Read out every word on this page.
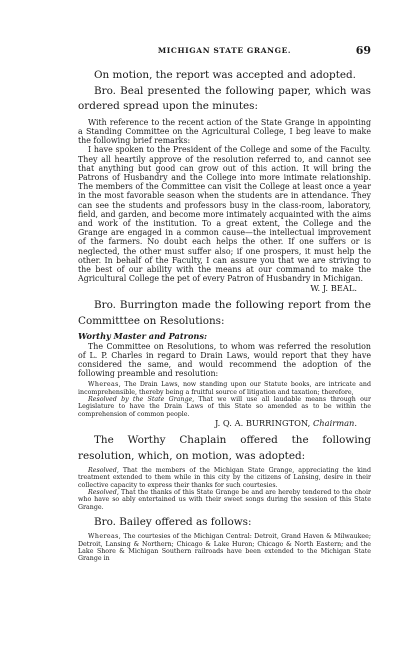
MICHIGAN STATE GRANGE.	69

On motion, the report was accepted and adopted.

Bro. Beal presented the following paper, which was ordered spread upon the minutes:

With reference to the recent action of the State Grange in appointing a Standing Committee on the Agricultural College, I beg leave to make the following brief remarks:

I have spoken to the President of the College and some of the Faculty. They all heartily approve of the resolution referred to, and cannot see that anything but good can grow out of this action. It will bring the Patrons of Husbandry and the College into more intimate relationship. The members of the Committee can visit the College at least once a year in the most favorable season when the students are in attendance. They can see the students and professors busy in the class-room, laboratory, field, and garden, and become more intimately acquainted with the aims and work of the institution. To a great extent, the College and the Grange are engaged in a common cause—the intellectual improvement of the farmers. No doubt each helps the other. If one suffers or is neglected, the other must suffer also; if one prospers, it must help the other. In behalf of the Faculty, I can assure you that we are striving to the best of our ability with the means at our command to make the Agricultural College the pet of every Patron of Husbandry in Michigan.

W. J. BEAL.

Bro. Burrington made the following report from the Committtee on Resolutions:

Worthy Master and Patrons:

The Committee on Resolutions, to whom was referred the resolution of L. P. Charles in regard to Drain Laws, would report that they have considered the same, and would recommend the adoption of the following preamble and resolution:

Whereas, The Drain Laws, now standing upon our Statute books, are intricate and incomprehensible, thereby being a fruitful source of litigation and taxation; therefore,

Resolved by the State Grange, That we will use all laudable means through our Legislature to have the Drain Laws of this State so amended as to be within the comprehension of common people.

J. Q. A. BURRINGTON, Chairman.

The Worthy Chaplain offered the following resolution, which, on motion, was adopted:

Resolved, That the members of the Michigan State Grange, appreciating the kind treatment extended to them while in this city by the citizens of Lansing, desire in their collective capacity to express their thanks for such courtesies.

Resolved, That the thanks of this State Grange be and are hereby tendered to the choir who have so ably entertained us with their sweet songs during the session of this State Grange.

Bro. Bailey offered as follows:

Whereas, The courtesies of the Michigan Central: Detroit, Grand Haven & Milwaukee; Detroit, Lansing & Northern; Chicago & Lake Huron; Chicago & North Eastern; and the Lake Shore & Michigan Southern railroads have been extended to the Michigan State Grange in
